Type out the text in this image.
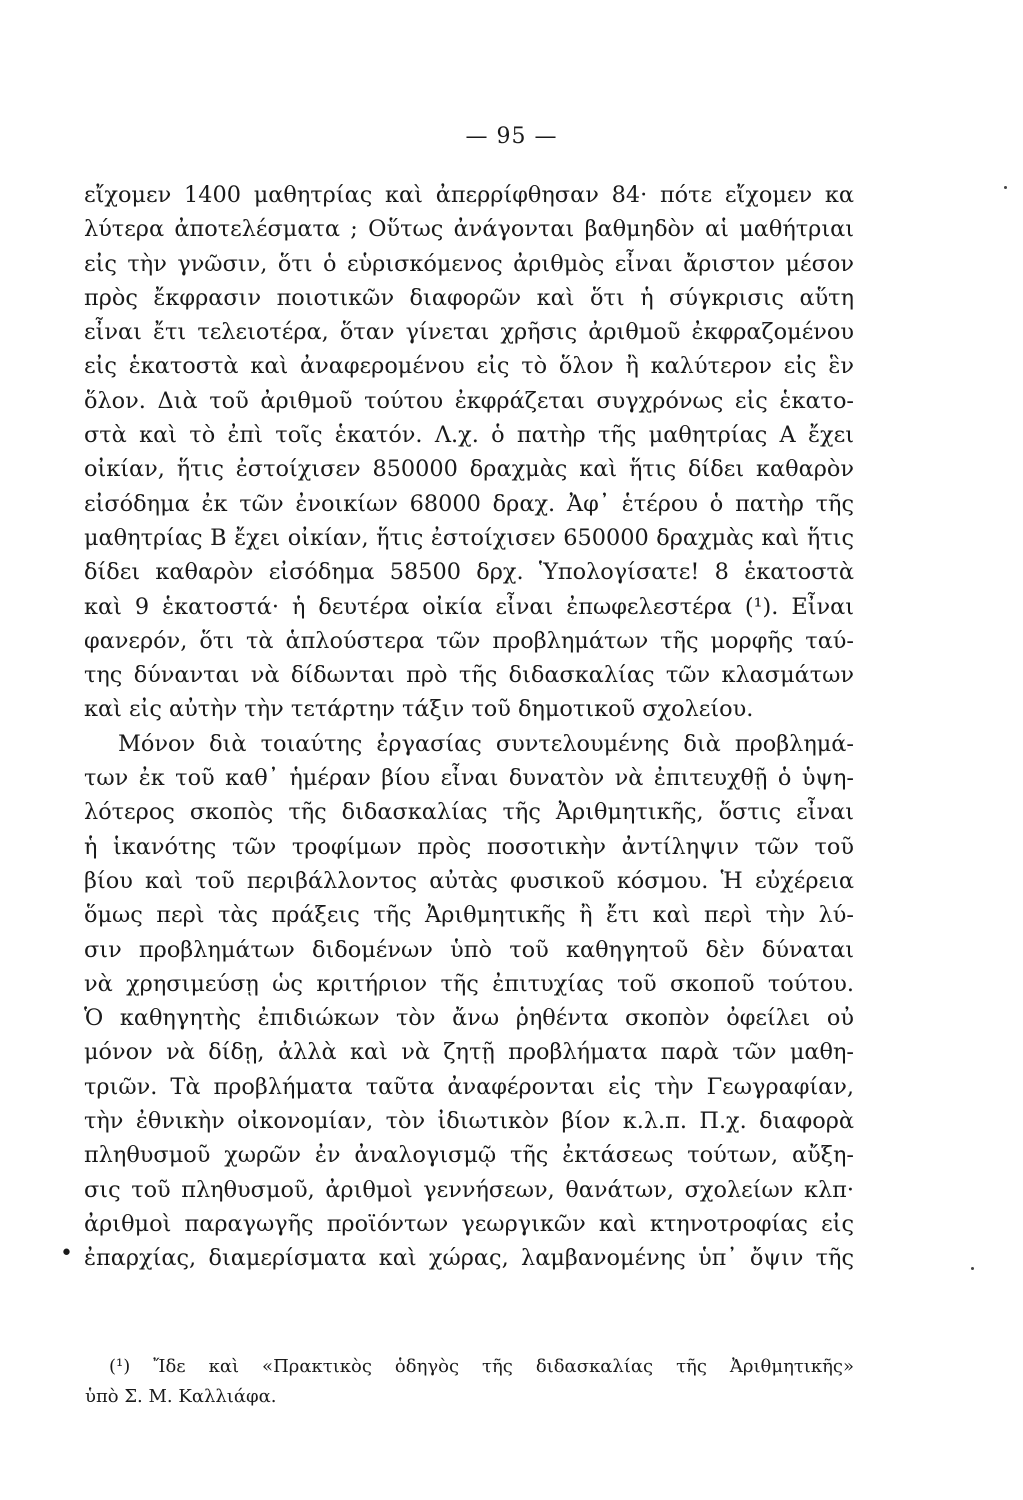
— 95 —
εἴχομεν 1400 μαθητρίας καὶ ἀπερρίφθησαν 84· πότε εἴχομεν κα
λύτερα ἀποτελέσματα ; Οὕτως ἀνάγονται βαθμηδὸν αἱ μαθήτριαι
εἰς τὴν γνῶσιν, ὅτι ὁ εὑρισκόμενος ἀριθμὸς εἶναι ἄριστον μέσον
πρὸς ἔκφρασιν ποιοτικῶν διαφορῶν καὶ ὅτι ἡ σύγκρισις αὕτη
εἶναι ἔτι τελειοτέρα, ὅταν γίνεται χρῆσις ἀριθμοῦ ἐκφραζομένου
εἰς ἑκατοστὰ καὶ ἀναφερομένου εἰς τὸ ὅλον ἢ καλύτερον εἰς ἓν
ὅλον. Διὰ τοῦ ἀριθμοῦ τούτου ἐκφράζεται συγχρόνως εἰς ἑκατο-
στὰ καὶ τὸ ἐπὶ τοῖς ἑκατόν. Λ.χ. ὁ πατὴρ τῆς μαθητρίας Α ἔχει
οἰκίαν, ἥτις ἐστοίχισεν 850000 δραχμὰς καὶ ἥτις δίδει καθαρὸν
εἰσόδημα ἐκ τῶν ἐνοικίων 68000 δραχ. Ἀφ᾽ ἑτέρου ὁ πατὴρ τῆς
μαθητρίας Β ἔχει οἰκίαν, ἥτις ἐστοίχισεν 650000 δραχμὰς καὶ ἥτις
δίδει καθαρὸν εἰσόδημα 58500 δρχ. Ὑπολογίσατε! 8 ἑκατοστὰ
καὶ 9 ἑκατοστά· ἡ δευτέρα οἰκία εἶναι ἐπωφελεστέρα (¹). Εἶναι
φανερόν, ὅτι τὰ ἁπλούστερα τῶν προβλημάτων τῆς μορφῆς ταύ-
της δύνανται νὰ δίδωνται πρὸ τῆς διδασκαλίας τῶν κλασμάτων
καὶ εἰς αὐτὴν τὴν τετάρτην τάξιν τοῦ δημοτικοῦ σχολείου.
Μόνον διὰ τοιαύτης ἐργασίας συντελουμένης διὰ προβλημά-
των ἐκ τοῦ καθ᾽ ἡμέραν βίου εἶναι δυνατὸν νὰ ἐπιτευχθῇ ὁ ὑψη-
λότερος σκοπὸς τῆς διδασκαλίας τῆς Ἀριθμητικῆς, ὅστις εἶναι
ἡ ἱκανότης τῶν τροφίμων πρὸς ποσοτικὴν ἀντίληψιν τῶν τοῦ
βίου καὶ τοῦ περιβάλλοντος αὐτὰς φυσικοῦ κόσμου. Ἡ εὐχέρεια
ὅμως περὶ τὰς πράξεις τῆς Ἀριθμητικῆς ἢ ἔτι καὶ περὶ τὴν λύ-
σιν προβλημάτων διδομένων ὑπὸ τοῦ καθηγητοῦ δὲν δύναται
νὰ χρησιμεύσῃ ὡς κριτήριον τῆς ἐπιτυχίας τοῦ σκοποῦ τούτου.
Ὁ καθηγητὴς ἐπιδιώκων τὸν ἄνω ῥηθέντα σκοπὸν ὀφείλει οὐ
μόνον νὰ δίδῃ, ἀλλὰ καὶ νὰ ζητῇ προβλήματα παρὰ τῶν μαθη-
τριῶν. Τὰ προβλήματα ταῦτα ἀναφέρονται εἰς τὴν Γεωγραφίαν,
τὴν ἐθνικὴν οἰκονομίαν, τὸν ἰδιωτικὸν βίον κ.λ.π. Π.χ. διαφορὰ
πληθυσμοῦ χωρῶν ἐν ἀναλογισμῷ τῆς ἐκτάσεως τούτων, αὔξη-
σις τοῦ πληθυσμοῦ, ἀριθμοὶ γεννήσεων, θανάτων, σχολείων κλπ·
ἀριθμοὶ παραγωγῆς προϊόντων γεωργικῶν καὶ κτηνοτροφίας εἰς
ἐπαρχίας, διαμερίσματα καὶ χώρας, λαμβανομένης ὑπ᾽ ὄψιν τῆς
•
(¹) Ἴδε καὶ «Πρακτικὸς ὁδηγὸς τῆς διδασκαλίας τῆς Ἀριθμητικῆς»
ὑπὸ Σ. Μ. Καλλιάφα.
